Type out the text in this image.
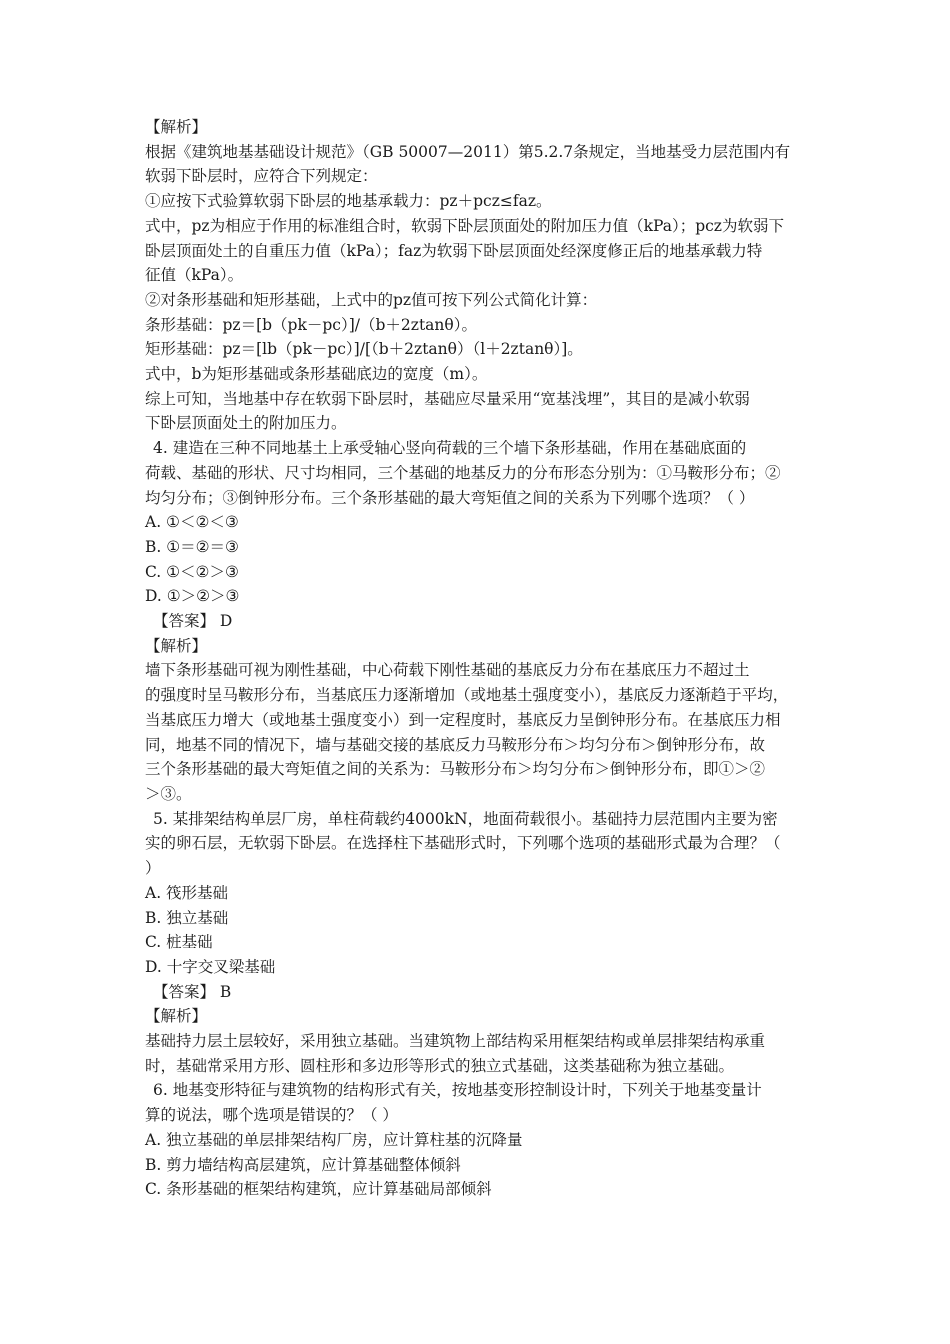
【解析】
根据《建筑地基基础设计规范》（GB 50007—2011）第5.2.7条规定，当地基受力层范围内有
软弱下卧层时，应符合下列规定：
①应按下式验算软弱下卧层的地基承载力：pz＋pcz≤faz。
式中，pz为相应于作用的标准组合时，软弱下卧层顶面处的附加压力值（kPa）；pcz为软弱下
卧层顶面处土的自重压力值（kPa）；faz为软弱下卧层顶面处经深度修正后的地基承载力特
征值（kPa）。
②对条形基础和矩形基础，上式中的pz值可按下列公式简化计算：
条形基础：pz＝[b（pk－pc）]/（b＋2ztanθ）。
矩形基础：pz＝[lb（pk－pc）]/[（b＋2ztanθ）（l＋2ztanθ）]。
式中，b为矩形基础或条形基础底边的宽度（m）。
综上可知，当地基中存在软弱下卧层时，基础应尽量采用“宽基浅埋”，其目的是减小软弱
下卧层顶面处土的附加压力。
4. 建造在三种不同地基土上承受轴心竖向荷载的三个墙下条形基础，作用在基础底面的
荷载、基础的形状、尺寸均相同，三个基础的地基反力的分布形态分别为：①马鞍形分布；②
均匀分布；③倒钟形分布。三个条形基础的最大弯矩值之间的关系为下列哪个选项？（ ）
A. ①＜②＜③
B. ①＝②＝③
C. ①＜②＞③
D. ①＞②＞③
【答案】 D
【解析】
墙下条形基础可视为刚性基础，中心荷载下刚性基础的基底反力分布在基底压力不超过土
的强度时呈马鞍形分布，当基底压力逐渐增加（或地基土强度变小），基底反力逐渐趋于平均，
当基底压力增大（或地基土强度变小）到一定程度时，基底反力呈倒钟形分布。在基底压力相
同，地基不同的情况下，墙与基础交接的基底反力马鞍形分布＞均匀分布＞倒钟形分布，故
三个条形基础的最大弯矩值之间的关系为：马鞍形分布＞均匀分布＞倒钟形分布，即①＞②
＞③。
5. 某排架结构单层厂房，单柱荷载约4000kN，地面荷载很小。基础持力层范围内主要为密
实的卵石层，无软弱下卧层。在选择柱下基础形式时，下列哪个选项的基础形式最为合理？（
）
A. 筏形基础
B. 独立基础
C. 桩基础
D. 十字交叉梁基础
【答案】 B
【解析】
基础持力层土层较好，采用独立基础。当建筑物上部结构采用框架结构或单层排架结构承重
时，基础常采用方形、圆柱形和多边形等形式的独立式基础，这类基础称为独立基础。
6. 地基变形特征与建筑物的结构形式有关，按地基变形控制设计时，下列关于地基变量计
算的说法，哪个选项是错误的？（ ）
A. 独立基础的单层排架结构厂房，应计算柱基的沉降量
B. 剪力墙结构高层建筑，应计算基础整体倾斜
C. 条形基础的框架结构建筑，应计算基础局部倾斜
